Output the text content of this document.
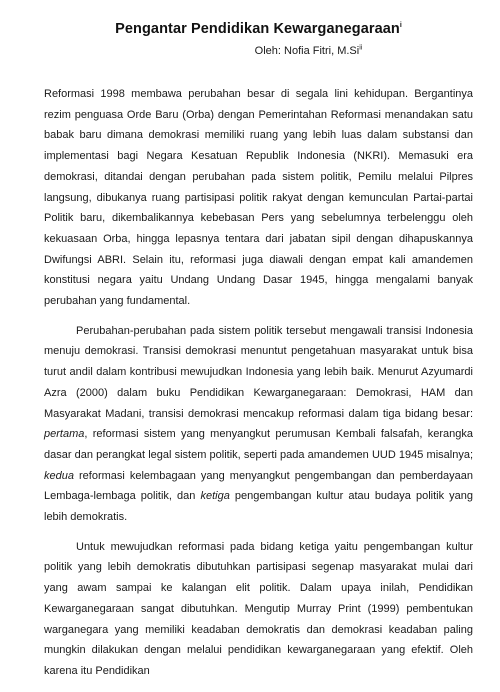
Pengantar Pendidikan Kewarganegaraan$^i$

Oleh: Nofia Fitri, M.Si$^{ii}$

Reformasi 1998 membawa perubahan besar di segala lini kehidupan. Bergantinya rezim penguasa Orde Baru (Orba) dengan Pemerintahan Reformasi menandakan satu babak baru dimana demokrasi memiliki ruang yang lebih luas dalam substansi dan implementasi bagi Negara Kesatuan Republik Indonesia (NKRI). Memasuki era demokrasi, ditandai dengan perubahan pada sistem politik, Pemilu melalui Pilpres langsung, dibukanya ruang partisipasi politik rakyat dengan kemunculan Partai-partai Politik baru, dikembalikannya kebebasan Pers yang sebelumnya terbelenggu oleh kekuasaan Orba, hingga lepasnya tentara dari jabatan sipil dengan dihapuskannya Dwifungsi ABRI. Selain itu, reformasi juga diawali dengan empat kali amandemen konstitusi negara yaitu Undang Undang Dasar 1945, hingga mengalami banyak perubahan yang fundamental.

Perubahan-perubahan pada sistem politik tersebut mengawali transisi Indonesia menuju demokrasi. Transisi demokrasi menuntut pengetahuan masyarakat untuk bisa turut andil dalam kontribusi mewujudkan Indonesia yang lebih baik. Menurut Azyumardi Azra (2000) dalam buku Pendidikan Kewarganegaraan: Demokrasi, HAM dan Masyarakat Madani, transisi demokrasi mencakup reformasi dalam tiga bidang besar: pertama, reformasi sistem yang menyangkut perumusan Kembali falsafah, kerangka dasar dan perangkat legal sistem politik, seperti pada amandemen UUD 1945 misalnya; kedua reformasi kelembagaan yang menyangkut pengembangan dan pemberdayaan Lembaga-lembaga politik, dan ketiga pengembangan kultur atau budaya politik yang lebih demokratis.

Untuk mewujudkan reformasi pada bidang ketiga yaitu pengembangan kultur politik yang lebih demokratis dibutuhkan partisipasi segenap masyarakat mulai dari yang awam sampai ke kalangan elit politik. Dalam upaya inilah, Pendidikan Kewarganegaraan sangat dibutuhkan. Mengutip Murray Print (1999) pembentukan warganegara yang memiliki keadaban demokratis dan demokrasi keadaban paling mungkin dilakukan dengan melalui pendidikan kewarganegaraan yang efektif. Oleh karena itu Pendidikan
